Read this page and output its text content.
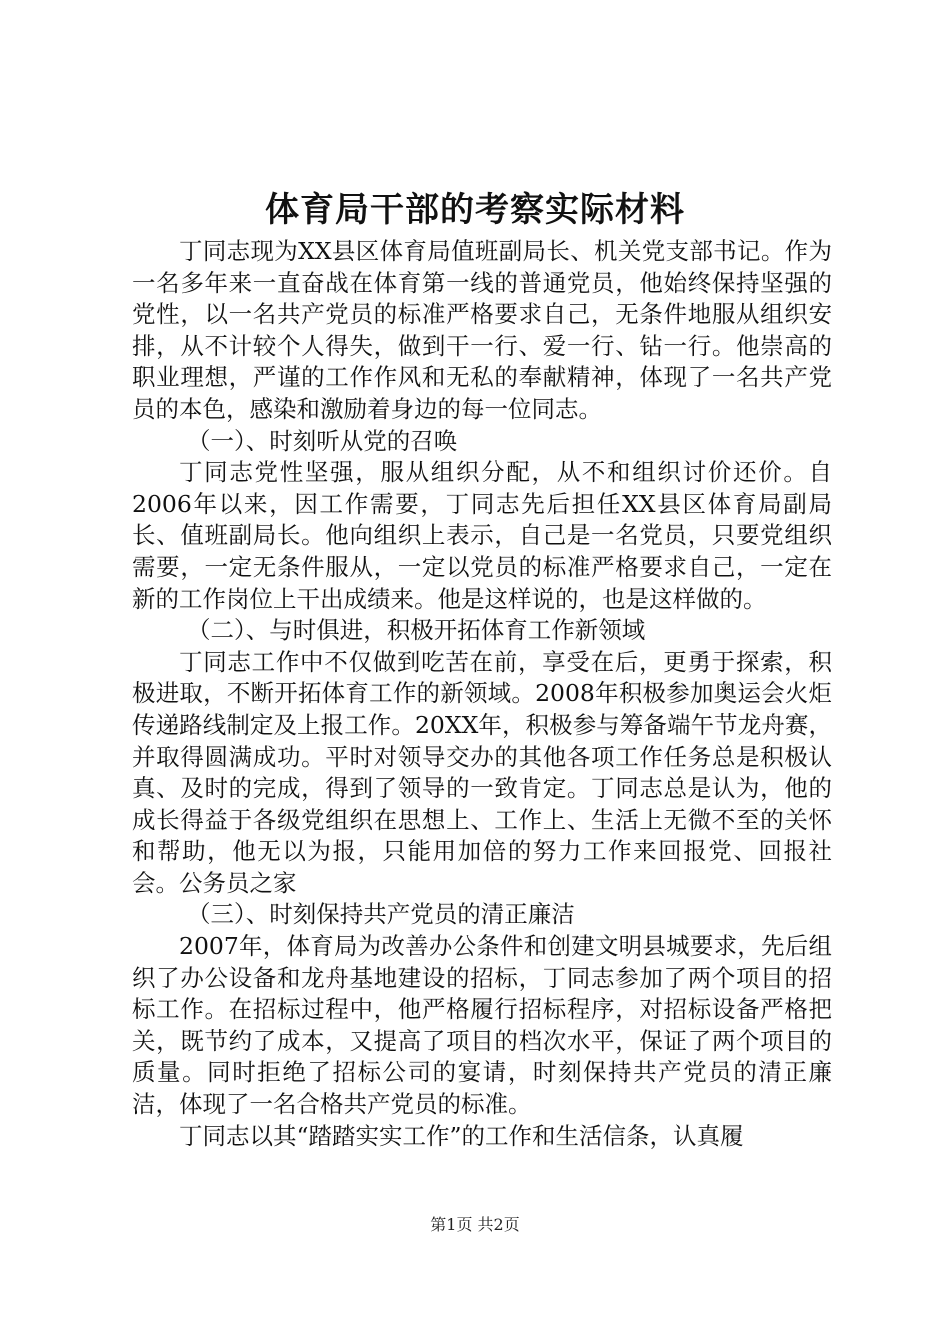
体育局干部的考察实际材料

丁同志现为XX县区体育局值班副局长、机关党支部书记。作为一名多年来一直奋战在体育第一线的普通党员，他始终保持坚强的党性，以一名共产党员的标准严格要求自己，无条件地服从组织安排，从不计较个人得失，做到干一行、爱一行、钻一行。他崇高的职业理想，严谨的工作作风和无私的奉献精神，体现了一名共产党员的本色，感染和激励着身边的每一位同志。

（一）、时刻听从党的召唤

丁同志党性坚强，服从组织分配，从不和组织讨价还价。自2006年以来，因工作需要，丁同志先后担任XX县区体育局副局长、值班副局长。他向组织上表示，自己是一名党员，只要党组织需要，一定无条件服从，一定以党员的标准严格要求自己，一定在新的工作岗位上干出成绩来。他是这样说的，也是这样做的。

（二）、与时俱进，积极开拓体育工作新领域

丁同志工作中不仅做到吃苦在前，享受在后，更勇于探索，积极进取，不断开拓体育工作的新领域。2008年积极参加奥运会火炬传递路线制定及上报工作。20XX年，积极参与筹备端午节龙舟赛，并取得圆满成功。平时对领导交办的其他各项工作任务总是积极认真、及时的完成，得到了领导的一致肯定。丁同志总是认为，他的成长得益于各级党组织在思想上、工作上、生活上无微不至的关怀和帮助，他无以为报，只能用加倍的努力工作来回报党、回报社会。公务员之家

（三）、时刻保持共产党员的清正廉洁

2007年，体育局为改善办公条件和创建文明县城要求，先后组织了办公设备和龙舟基地建设的招标，丁同志参加了两个项目的招标工作。在招标过程中，他严格履行招标程序，对招标设备严格把关，既节约了成本，又提高了项目的档次水平，保证了两个项目的质量。同时拒绝了招标公司的宴请，时刻保持共产党员的清正廉洁，体现了一名合格共产党员的标准。

丁同志以其“踏踏实实工作”的工作和生活信条，认真履

第1页 共2页
